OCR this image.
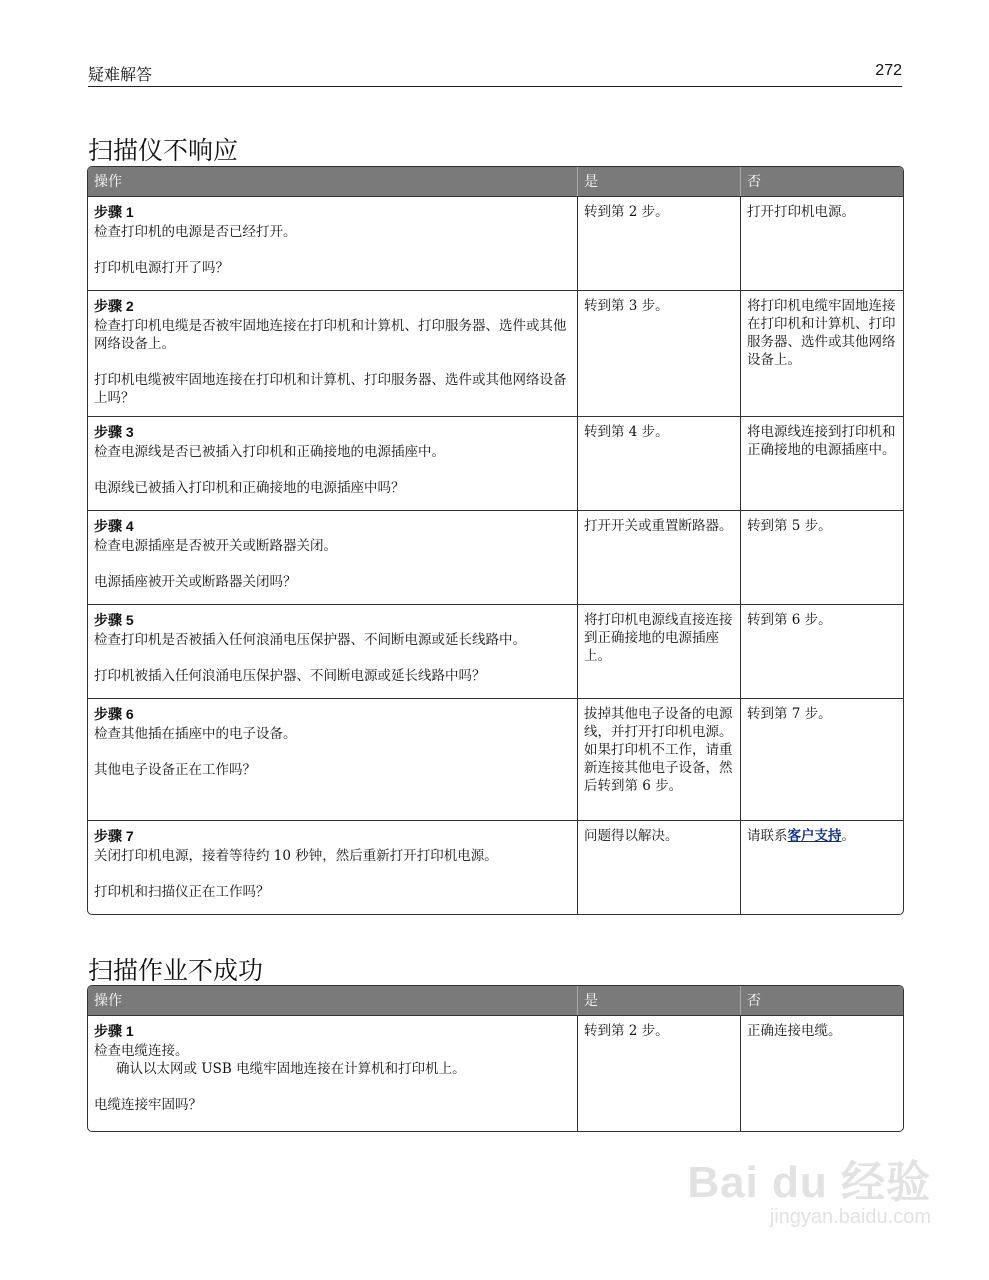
疑难解答	272
扫描仪不响应
操作	是	否

步骤 1
检查打印机的电源是否已经打开。
打印机电源打开了吗？	转到第 2 步。	打开打印机电源。

步骤 2
检查打印机电缆是否被牢固地连接在打印机和计算机、打印服务器、选件或其他网络设备上。
打印机电缆被牢固地连接在打印机和计算机、打印服务器、选件或其他网络设备上吗？	转到第 3 步。	将打印机电缆牢固地连接在打印机和计算机、打印服务器、选件或其他网络设备上。

步骤 3
检查电源线是否已被插入打印机和正确接地的电源插座中。
电源线已被插入打印机和正确接地的电源插座中吗？	转到第 4 步。	将电源线连接到打印机和正确接地的电源插座中。

步骤 4
检查电源插座是否被开关或断路器关闭。
电源插座被开关或断路器关闭吗？	打开开关或重置断路器。	转到第 5 步。

步骤 5
检查打印机是否被插入任何浪涌电压保护器、不间断电源或延长线路中。
打印机被插入任何浪涌电压保护器、不间断电源或延长线路中吗？	将打印机电源线直接连接到正确接地的电源插座上。	转到第 6 步。

步骤 6
检查其他插在插座中的电子设备。
其他电子设备正在工作吗？	拔掉其他电子设备的电源线，并打开打印机电源。如果打印机不工作，请重新连接其他电子设备，然后转到第 6 步。	转到第 7 步。

步骤 7
关闭打印机电源，接着等待约 10 秒钟，然后重新打开打印机电源。
打印机和扫描仪正在工作吗？	问题得以解决。	请联系客户支持。
扫描作业不成功
操作	是	否

步骤 1
检查电缆连接。
确认以太网或 USB 电缆牢固地连接在计算机和打印机上。
电缆连接牢固吗？	转到第 2 步。	正确连接电缆。
Bai du 经验
jingyan.baidu.com
